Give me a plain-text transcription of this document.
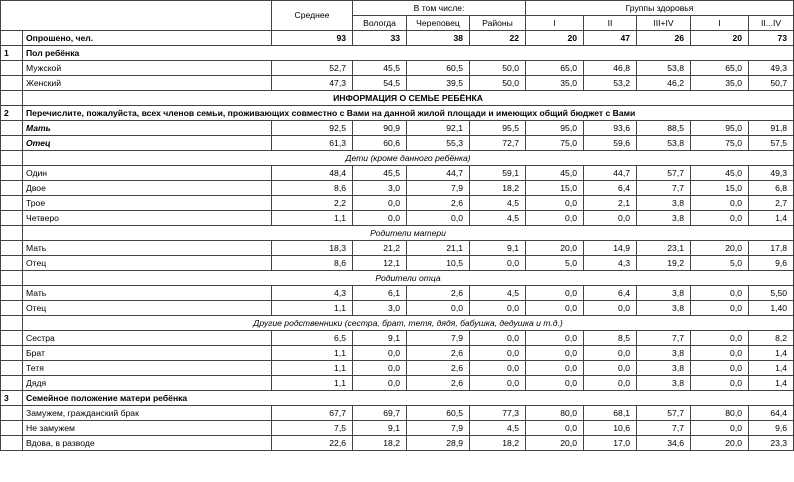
		Среднее	В том числе:			Группы здоровья				
			Вологда	Череповец	Районы	I	II	III+IV	I	II...IV
	Опрошено, чел.	93	33	38	22	20	47	26	20	73
1	Пол ребёнка									
	Мужской	52,7	45,5	60,5	50,0	65,0	46,8	53,8	65,0	49,3
	Женский	47,3	54,5	39,5	50,0	35,0	53,2	46,2	35,0	50,7
	ИНФОРМАЦИЯ О СЕМЬЕ РЕБЁНКА									
2	Перечислите, пожалуйста, всех членов семьи, проживающих совместно с Вами на данной жилой площади и имеющих общий бюджет с Вами									
	Мать	92,5	90,9	92,1	95,5	95,0	93,6	88,5	95,0	91,8
	Отец	61,3	60,6	55,3	72,7	75,0	59,6	53,8	75,0	57,5
	Дети (кроме данного ребёнка)									
	Один	48,4	45,5	44,7	59,1	45,0	44,7	57,7	45,0	49,3
	Двое	8,6	3,0	7,9	18,2	15,0	6,4	7,7	15,0	6,8
	Трое	2,2	0,0	2,6	4,5	0,0	2,1	3,8	0,0	2,7
	Четверо	1,1	0,0	0,0	4,5	0,0	0,0	3,8	0,0	1,4
	Родители матери									
	Мать	18,3	21,2	21,1	9,1	20,0	14,9	23,1	20,0	17,8
	Отец	8,6	12,1	10,5	0,0	5,0	4,3	19,2	5,0	9,6
	Родители отца									
	Мать	4,3	6,1	2,6	4,5	0,0	6,4	3,8	0,0	5,50
	Отец	1,1	3,0	0,0	0,0	0,0	0,0	3,8	0,0	1,40
	Другие родственники (сестра, брат, тетя, дядя, бабушка, дедушка и т.д.)									
	Сестра	6,5	9,1	7,9	0,0	0,0	8,5	7,7	0,0	8,2
	Брат	1,1	0,0	2,6	0,0	0,0	0,0	3,8	0,0	1,4
	Тетя	1,1	0,0	2,6	0,0	0,0	0,0	3,8	0,0	1,4
	Дядя	1,1	0,0	2,6	0,0	0,0	0,0	3,8	0,0	1,4
3	Семейное положение матери ребёнка									
	Замужем, гражданский брак	67,7	69,7	60,5	77,3	80,0	68,1	57,7	80,0	64,4
	Не замужем	7,5	9,1	7,9	4,5	0,0	10,6	7,7	0,0	9,6
	Вдова, в разводе	22,6	18,2	28,9	18,2	20,0	17,0	34,6	20,0	23,3
